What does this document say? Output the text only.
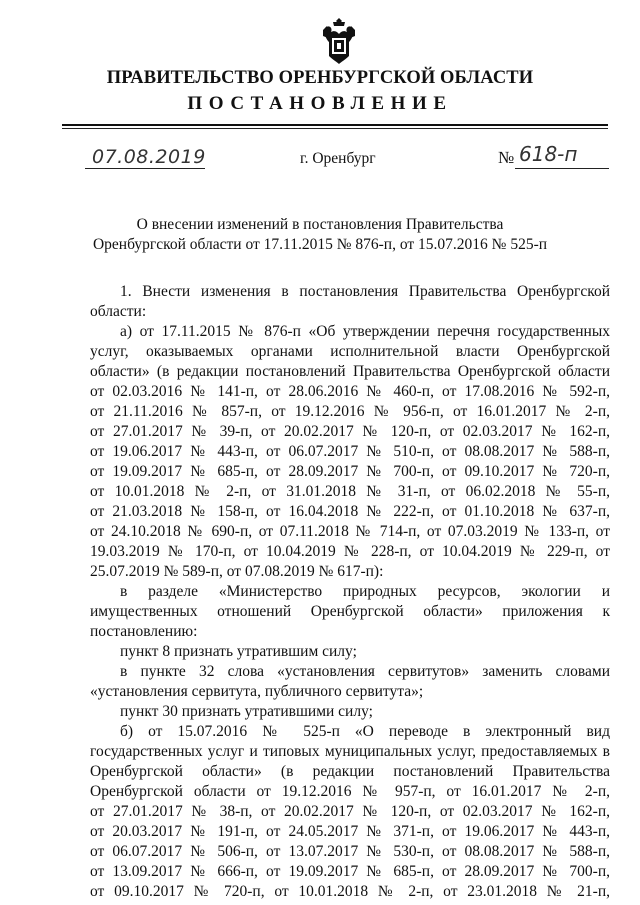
ПРАВИТЕЛЬСТВО ОРЕНБУРГСКОЙ ОБЛАСТИ
ПОСТАНОВЛЕНИЕ
07.08.2019	г. Оренбург	№ 618-п
О внесении изменений в постановления Правительства
Оренбургской области от 17.11.2015 № 876-п, от 15.07.2016 № 525-п
1. Внести изменения в постановления Правительства Оренбургской
области:
а) от 17.11.2015 № 876-п «Об утверждении перечня государственных
услуг, оказываемых органами исполнительной власти Оренбургской
области» (в редакции постановлений Правительства Оренбургской области
от 02.03.2016 № 141-п, от 28.06.2016 № 460-п, от 17.08.2016 № 592-п,
от 21.11.2016 № 857-п, от 19.12.2016 № 956-п, от 16.01.2017 № 2-п,
от 27.01.2017 № 39-п, от 20.02.2017 № 120-п, от 02.03.2017 № 162-п,
от 19.06.2017 № 443-п, от 06.07.2017 № 510-п, от 08.08.2017 № 588-п,
от 19.09.2017 № 685-п, от 28.09.2017 № 700-п, от 09.10.2017 № 720-п,
от 10.01.2018 № 2-п, от 31.01.2018 № 31-п, от 06.02.2018 № 55-п,
от 21.03.2018 № 158-п, от 16.04.2018 № 222-п, от 01.10.2018 № 637-п,
от 24.10.2018 № 690-п, от 07.11.2018 № 714-п, от 07.03.2019 № 133-п, от
19.03.2019 № 170-п, от 10.04.2019 № 228-п, от 10.04.2019 № 229-п, от
25.07.2019 № 589-п, от 07.08.2019 № 617-п):
в разделе «Министерство природных ресурсов, экологии и
имущественных отношений Оренбургской области» приложения к
постановлению:
пункт 8 признать утратившим силу;
в пункте 32 слова «установления сервитутов» заменить словами
«установления сервитута, публичного сервитута»;
пункт 30 признать утратившими силу;
б) от 15.07.2016 № 525-п «О переводе в электронный вид
государственных услуг и типовых муниципальных услуг, предоставляемых в
Оренбургской области» (в редакции постановлений Правительства
Оренбургской области от 19.12.2016 № 957-п, от 16.01.2017 № 2-п,
от 27.01.2017 № 38-п, от 20.02.2017 № 120-п, от 02.03.2017 № 162-п,
от 20.03.2017 № 191-п, от 24.05.2017 № 371-п, от 19.06.2017 № 443-п,
от 06.07.2017 № 506-п, от 13.07.2017 № 530-п, от 08.08.2017 № 588-п,
от 13.09.2017 № 666-п, от 19.09.2017 № 685-п, от 28.09.2017 № 700-п,
от 09.10.2017 № 720-п, от 10.01.2018 № 2-п, от 23.01.2018 № 21-п,
